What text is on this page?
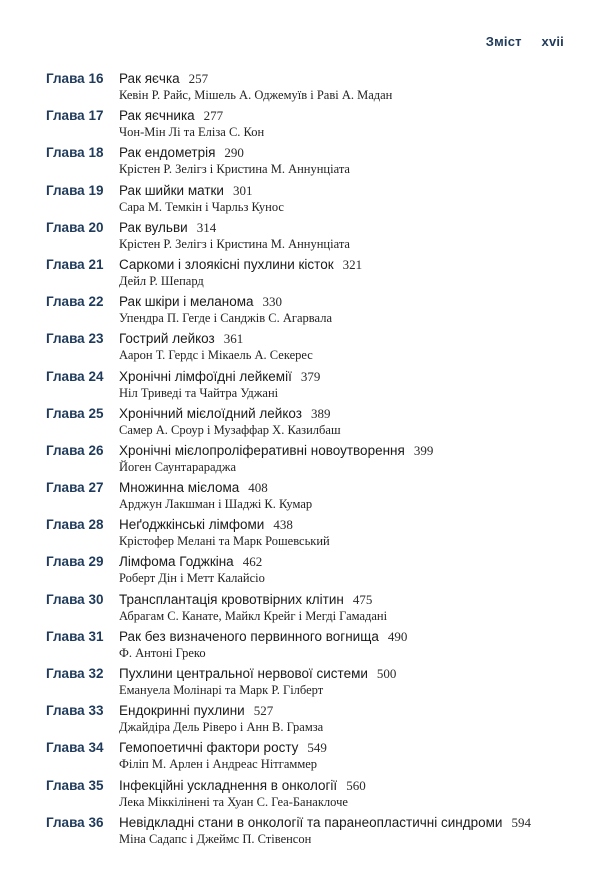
Зміст xvii
Глава 16	Рак яєчка 257
Кевін Р. Райс, Мішель А. Оджемуїв і Раві А. Мадан
Глава 17	Рак яєчника 277
Чон-Мін Лі та Еліза С. Кон
Глава 18	Рак ендометрія 290
Крістен Р. Зелігз і Кристина М. Аннунціата
Глава 19	Рак шийки матки 301
Сара М. Темкін і Чарльз Кунос
Глава 20	Рак вульви 314
Крістен Р. Зелігз і Кристина М. Аннунціата
Глава 21	Саркоми і злоякісні пухлини кісток 321
Дейл Р. Шепард
Глава 22	Рак шкіри і меланома 330
Упендра П. Гегде і Санджів С. Агарвала
Глава 23	Гострий лейкоз 361
Аарон Т. Гердс і Мікаель А. Секерес
Глава 24	Хронічні лімфоїдні лейкемії 379
Ніл Триведі та Чайтра Уджані
Глава 25	Хронічний мієлоїдний лейкоз 389
Самер А. Сроур і Музаффар Х. Казилбаш
Глава 26	Хронічні мієлопроліферативні новоутворення 399
Йоген Саунтарараджа
Глава 27	Множинна мієлома 408
Арджун Лакшман і Шаджі К. Кумар
Глава 28	Неґоджкінські лімфоми 438
Крістофер Мелані та Марк Рошевський
Глава 29	Лімфома Годжкіна 462
Роберт Дін і Метт Калайсіо
Глава 30	Трансплантація кровотвірних клітин 475
Абрагам С. Канате, Майкл Крейг і Мегді Гамадані
Глава 31	Рак без визначеного первинного вогнища 490
Ф. Антоні Греко
Глава 32	Пухлини центральної нервової системи 500
Емануела Молінарі та Марк Р. Гілберт
Глава 33	Ендокринні пухлини 527
Джайдіра Дель Ріверо і Анн В. Грамза
Глава 34	Гемопоетичні фактори росту 549
Філіп М. Арлен і Андреас Нітгаммер
Глава 35	Інфекційні ускладнення в онкології 560
Лека Міккілінені та Хуан С. Геа-Банаклоче
Глава 36	Невідкладні стани в онкології та паранеопластичні синдроми 594
Міна Садапс і Джеймс П. Стівенсон
